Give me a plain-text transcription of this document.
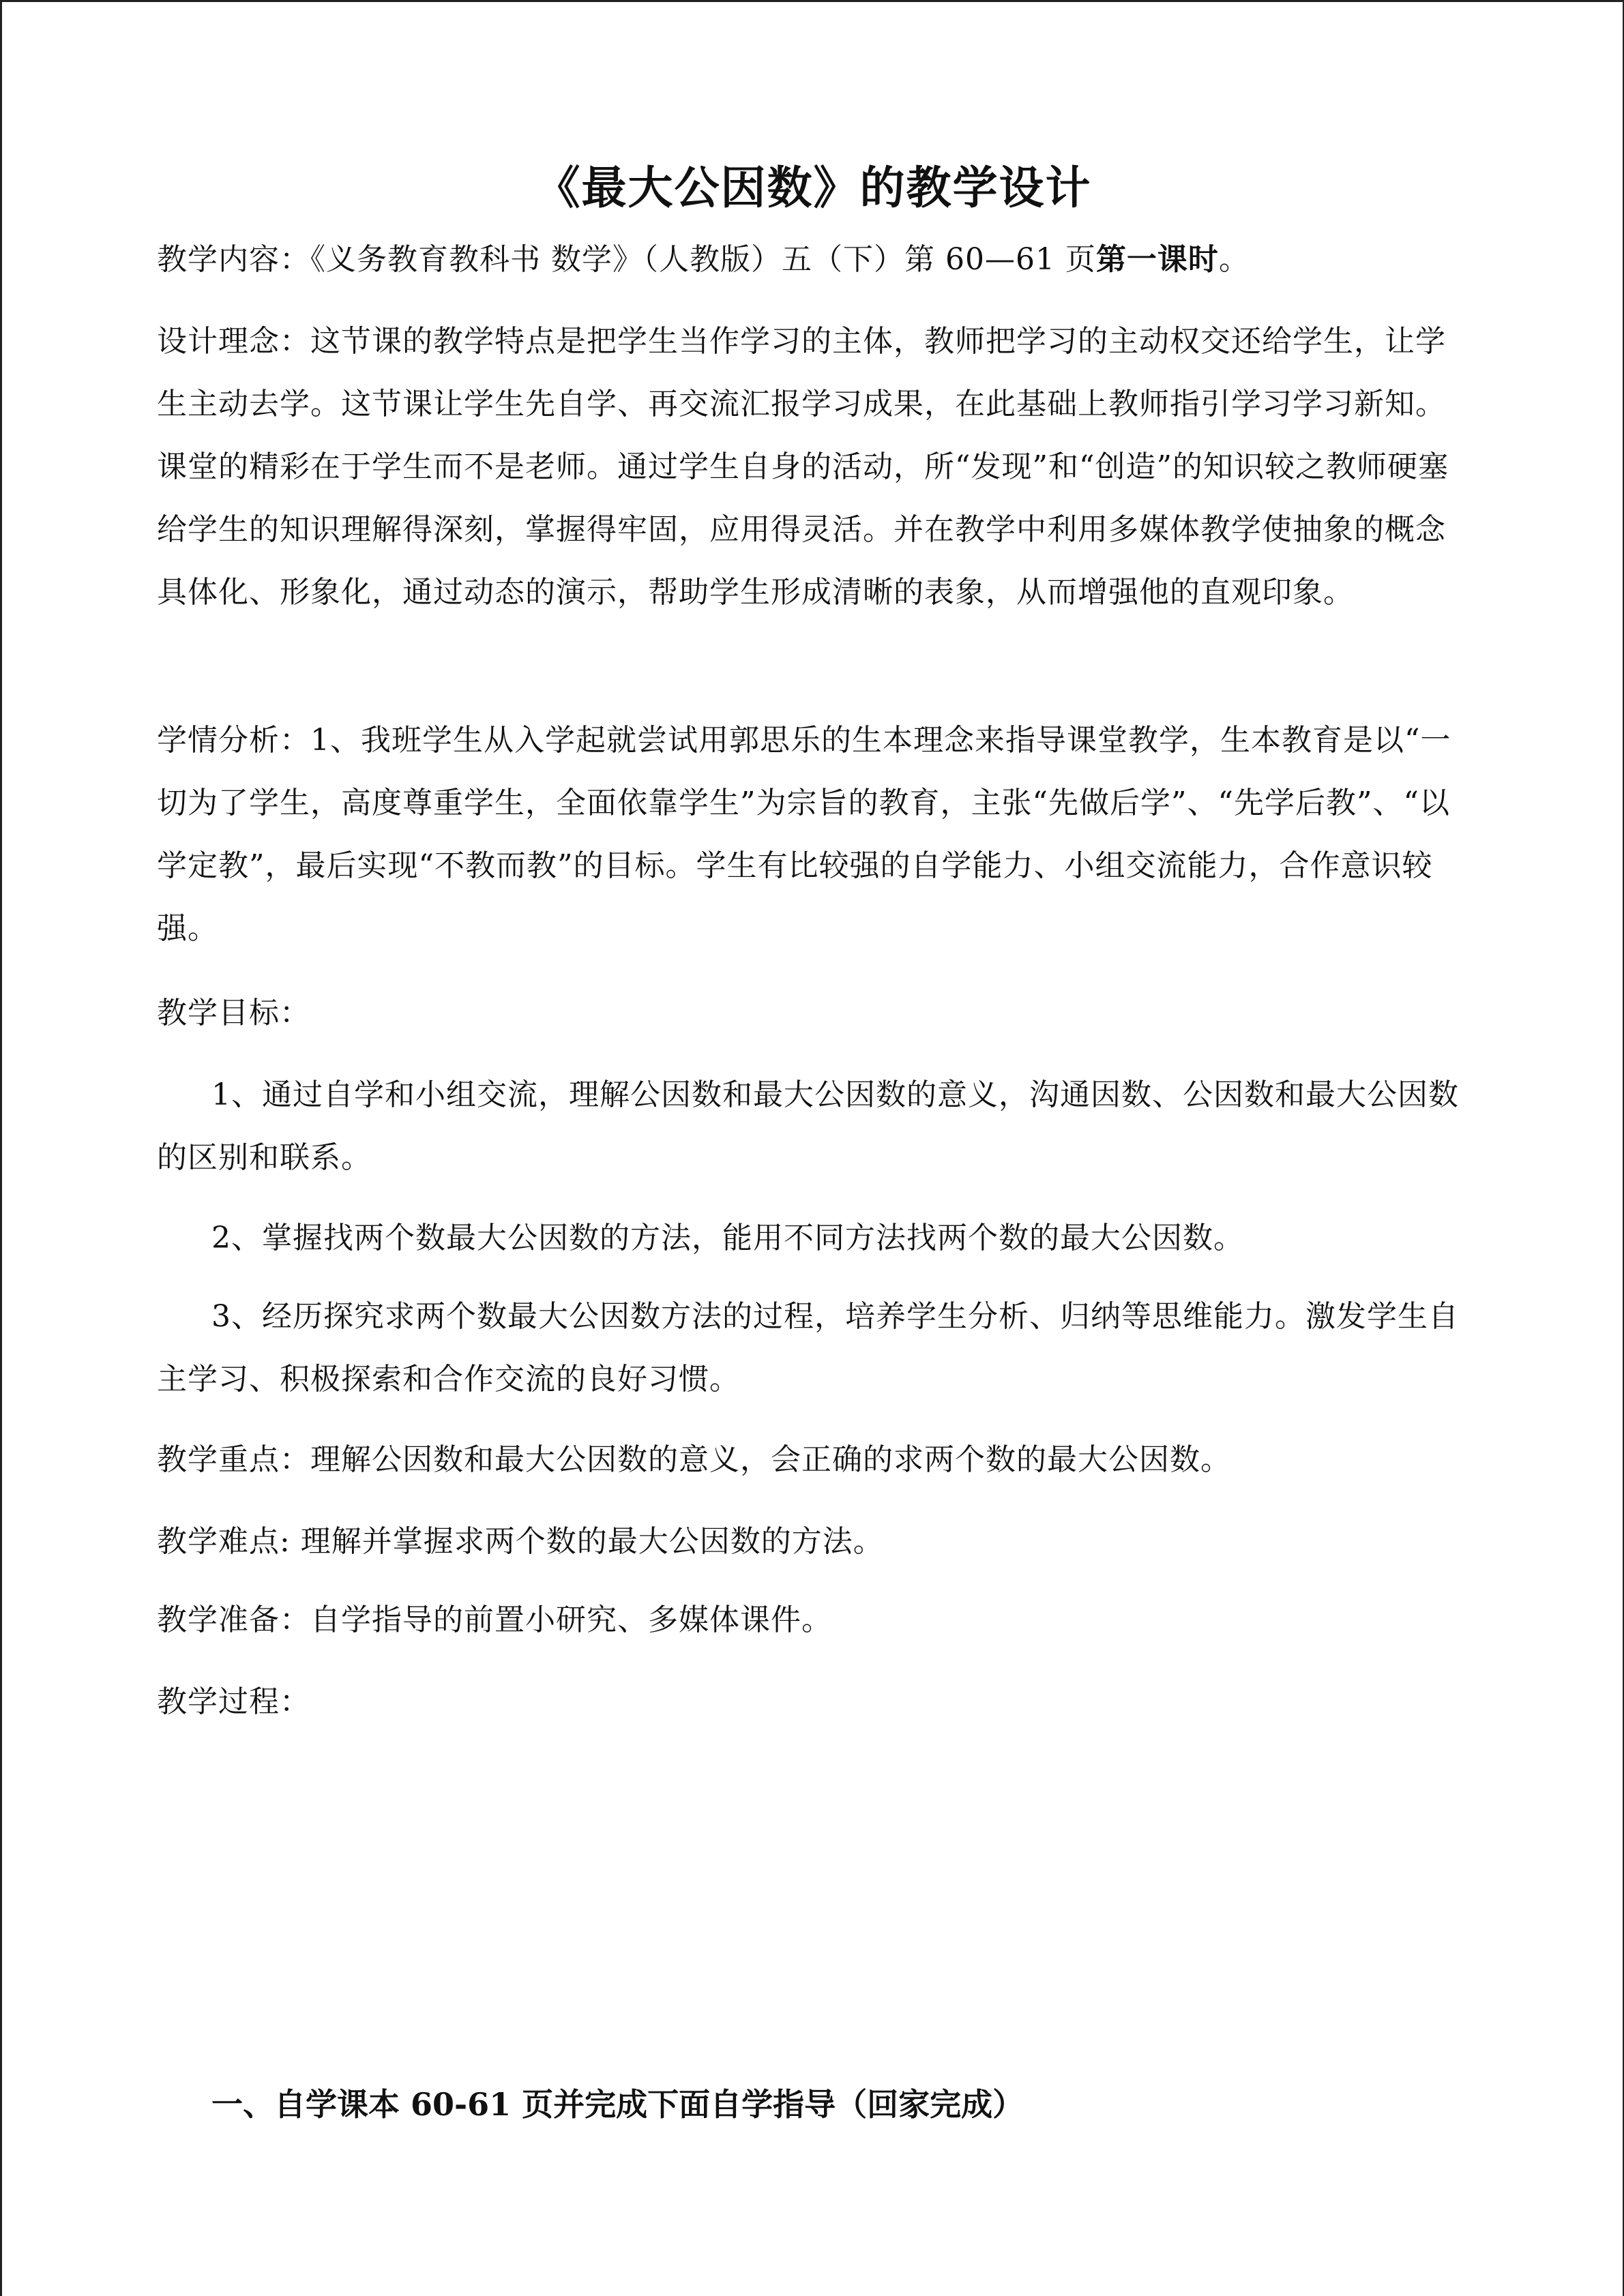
《最大公因数》的教学设计

教学内容：《义务教育教科书 数学》（人教版）五（下）第 60—61 页第一课时。

设计理念：这节课的教学特点是把学生当作学习的主体，教师把学习的主动权交还给学生，让学生主动去学。这节课让学生先自学、再交流汇报学习成果，在此基础上教师指引学习学习新知。课堂的精彩在于学生而不是老师。通过学生自身的活动，所“发现”和“创造”的知识较之教师硬塞给学生的知识理解得深刻，掌握得牢固，应用得灵活。并在教学中利用多媒体教学使抽象的概念具体化、形象化，通过动态的演示，帮助学生形成清晰的表象，从而增强他的直观印象。

学情分析：1、我班学生从入学起就尝试用郭思乐的生本理念来指导课堂教学，生本教育是以“一切为了学生，高度尊重学生，全面依靠学生”为宗旨的教育，主张“先做后学”、“先学后教”、“以学定教”，最后实现“不教而教”的目标。学生有比较强的自学能力、小组交流能力，合作意识较强。

教学目标：

1、通过自学和小组交流，理解公因数和最大公因数的意义，沟通因数、公因数和最大公因数的区别和联系。

2、掌握找两个数最大公因数的方法，能用不同方法找两个数的最大公因数。

3、经历探究求两个数最大公因数方法的过程，培养学生分析、归纳等思维能力。激发学生自主学习、积极探索和合作交流的良好习惯。

教学重点：理解公因数和最大公因数的意义，会正确的求两个数的最大公因数。

教学难点: 理解并掌握求两个数的最大公因数的方法。

教学准备：自学指导的前置小研究、多媒体课件。

教学过程：

一、自学课本 60-61 页并完成下面自学指导（回家完成）
